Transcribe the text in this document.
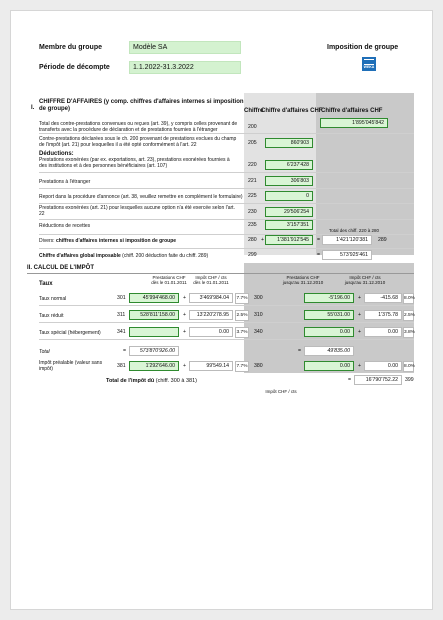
Membre du groupe	Modèle SA
Période de décompte	1.1.2022-31.3.2022
Imposition de groupe
WEKA
I.
CHIFFRE D'AFFAIRES (y comp. chiffres d'affaires internes si imposition de groupe)	Chiffre
Chiffre d'affaires CHF
Chiffre d'affaires CHF
Total des contre-prestations convenues ou reçues (art. 39), y compris celles provenant de transferts avec la procédure de déclaration et de prestations fournies à l'étranger	200
1'895'045'842
Contre-prestations déclarées sous le ch. 200 provenant de prestations exclues du champ de l'impôt (art. 21) pour lesquelles il a été opté conformément à l'art. 22	205	860'903
Déductions:
Prestations exonérées (par ex. exportations, art. 23), prestations exonérées fournies à des institutions et à des personnes bénéficiaires (art. 107)	220	6'237'428
Prestations à l'étranger	221	306'803
Report dans la procédure d'annonce (art. 38, veuillez remettre en complément le formulaire)	225	0
Prestations exonérées (art. 21) pour lesquelles aucune option n'a été exercée selon l'art. 22	230	29'506'254
Réductions de recettes	235	3'157'351
Total des chiff. 220 à 280
Divers: chiffres d'affaires internes si imposition de groupe	280 +	1'381'912'545	=	1'421'120'381	289
Chiffre d'affaires global imposable (chiff. 200 déduction faite du chiff. 289)	299	=	573'925'461
II. CALCUL DE L'IMPÔT
Taux
Prestations CHF
dès le 01.01.2011
Impôt CHF / cts
dès le 01.01.2011
Prestations CHF
jusqu'au 31.12.2010
Impôt CHF / cts
jusqu'au 31.12.2010
Taux normal	301	45'994'468.00	+	3'469'984.04	7.7% 300	-5'196.00	+	-415.68	8.0%
Taux réduit	311	528'811'158.00	+	13'220'278.95	2.5% 310	55'031.00	+	1'375.78	2.5%
Taux spécial (hébergement)	341	+	0.00	3.7% 340	0.00	+	0.00	3.8%
Total	=	573'870'926.00	=	49'835.00
Impôt préalable (valeur sans impôt)	381	1'292'646.00	+	99'549.14	7.7% 380	0.00	+	0.00	8.0%
Total de l'impôt dû (chiff. 300 à 381)	=	16'790'752.22	399
Impôt CHF / cts
